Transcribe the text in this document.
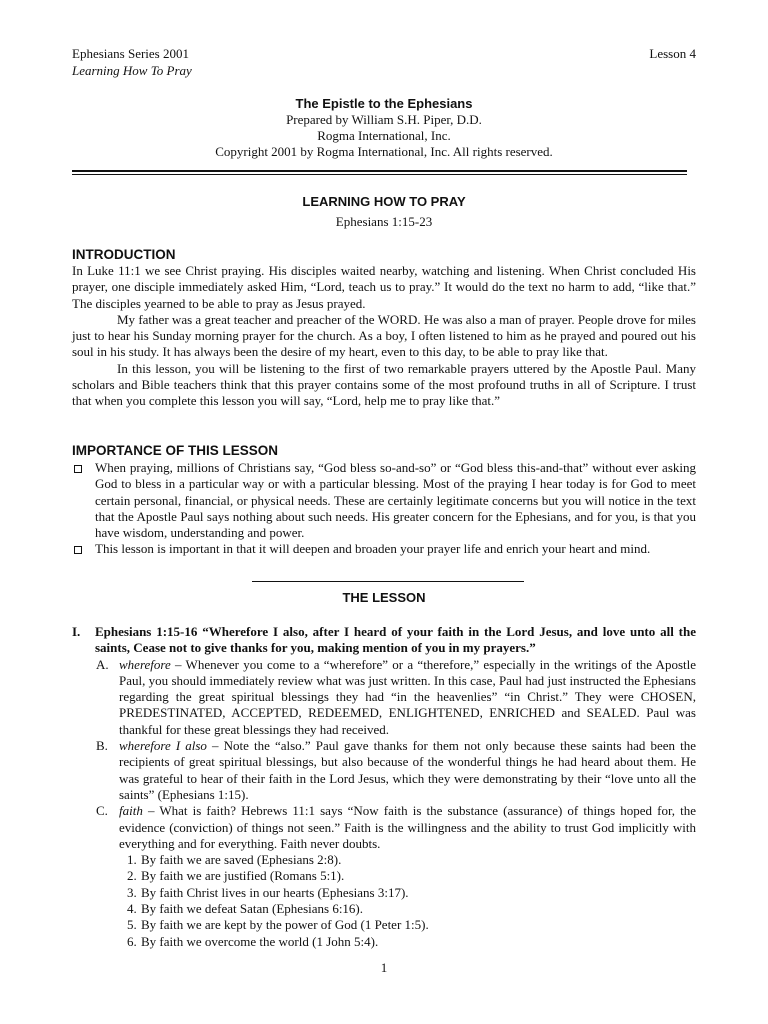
Ephesians Series 2001	Lesson 4
Learning How To Pray
The Epistle to the Ephesians
Prepared by William S.H. Piper, D.D.
Rogma International, Inc.
Copyright 2001 by Rogma International, Inc. All rights reserved.
LEARNING HOW TO PRAY
Ephesians 1:15-23
INTRODUCTION

In Luke 11:1 we see Christ praying. His disciples waited nearby, watching and listening. When Christ concluded His prayer, one disciple immediately asked Him, “Lord, teach us to pray.” It would do the text no harm to add, “like that.” The disciples yearned to be able to pray as Jesus prayed.

My father was a great teacher and preacher of the WORD. He was also a man of prayer. People drove for miles just to hear his Sunday morning prayer for the church. As a boy, I often listened to him as he prayed and poured out his soul in his study. It has always been the desire of my heart, even to this day, to be able to pray like that.

In this lesson, you will be listening to the first of two remarkable prayers uttered by the Apostle Paul. Many scholars and Bible teachers think that this prayer contains some of the most profound truths in all of Scripture. I trust that when you complete this lesson you will say, “Lord, help me to pray like that.”

IMPORTANCE OF THIS LESSON
When praying, millions of Christians say, “God bless so-and-so” or “God bless this-and-that” without ever asking God to bless in a particular way or with a particular blessing. Most of the praying I hear today is for God to meet certain personal, financial, or physical needs. These are certainly legitimate concerns but you will notice in the text that the Apostle Paul says nothing about such needs. His greater concern for the Ephesians, and for you, is that you have wisdom, understanding and power.
This lesson is important in that it will deepen and broaden your prayer life and enrich your heart and mind.
THE LESSON
I. Ephesians 1:15-16 “Wherefore I also, after I heard of your faith in the Lord Jesus, and love unto all the saints, Cease not to give thanks for you, making mention of you in my prayers.”
A. wherefore – Whenever you come to a “wherefore” or a “therefore,” especially in the writings of the Apostle Paul, you should immediately review what was just written. In this case, Paul had just instructed the Ephesians regarding the great spiritual blessings they had “in the heavenlies” “in Christ.” They were CHOSEN, PREDESTINATED, ACCEPTED, REDEEMED, ENLIGHTENED, ENRICHED and SEALED. Paul was thankful for these great blessings they had received.
B. wherefore I also – Note the “also.” Paul gave thanks for them not only because these saints had been the recipients of great spiritual blessings, but also because of the wonderful things he had heard about them. He was grateful to hear of their faith in the Lord Jesus, which they were demonstrating by their “love unto all the saints” (Ephesians 1:15).
C. faith – What is faith? Hebrews 11:1 says “Now faith is the substance (assurance) of things hoped for, the evidence (conviction) of things not seen.” Faith is the willingness and the ability to trust God implicitly with everything and for everything. Faith never doubts.
1. By faith we are saved (Ephesians 2:8).
2. By faith we are justified (Romans 5:1).
3. By faith Christ lives in our hearts (Ephesians 3:17).
4. By faith we defeat Satan (Ephesians 6:16).
5. By faith we are kept by the power of God (1 Peter 1:5).
6. By faith we overcome the world (1 John 5:4).
1
